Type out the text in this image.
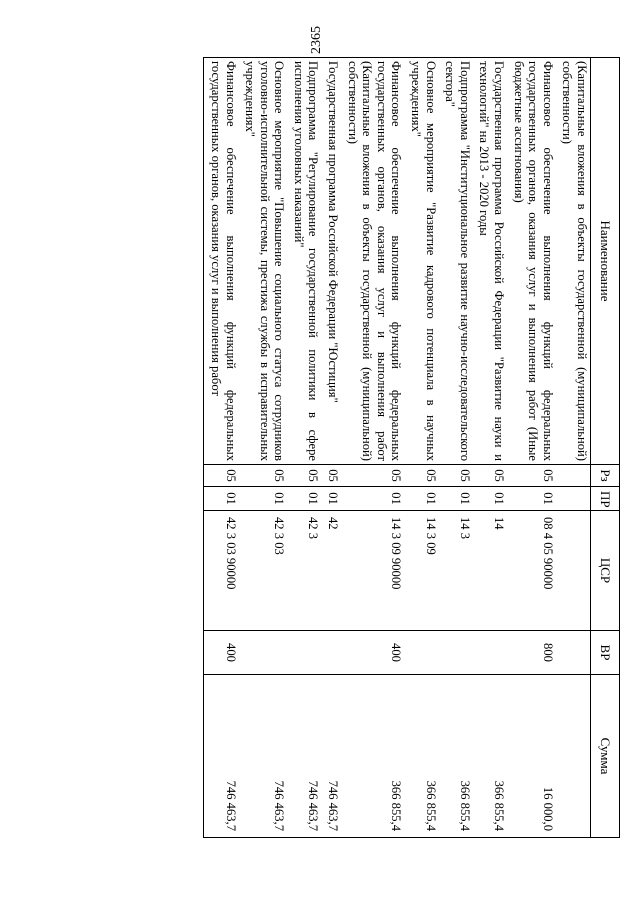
2365
Наименование	Рз	ПР	ЦСР	ВР	Сумма
(Капитальные вложения в объекты государственной (муниципальной) собственности)					
Финансовое обеспечение выполнения функций федеральных государственных органов, оказания услуг и выполнения работ (Иные бюджетные ассигнования)	05	01	08 4 05 90000	800	16 000,0
Государственная программа Российской Федерации "Развитие науки и технологий" на 2013 - 2020 годы	05	01	14		366 855,4
Подпрограмма "Институциональное развитие научно-исследовательского сектора"	05	01	14 3		366 855,4
Основное мероприятие "Развитие кадрового потенциала в научных учреждениях"	05	01	14 3 09		366 855,4
Финансовое обеспечение выполнения функций федеральных государственных органов, оказания услуг и выполнения работ (Капитальные вложения в объекты государственной (муниципальной) собственности)	05	01	14 3 09 90000	400	366 855,4
Государственная программа Российской Федерации "Юстиция"	05	01	42		746 463,7
Подпрограмма "Регулирование государственной политики в сфере исполнения уголовных наказаний"	05	01	42 3		746 463,7
Основное мероприятие "Повышение социального статуса сотрудников уголовно-исполнительной системы, престижа службы в исправительных учреждениях"	05	01	42 3 03		746 463,7
Финансовое обеспечение выполнения функций федеральных государственных органов, оказания услуг и выполнения работ	05	01	42 3 03 90000	400	746 463,7
